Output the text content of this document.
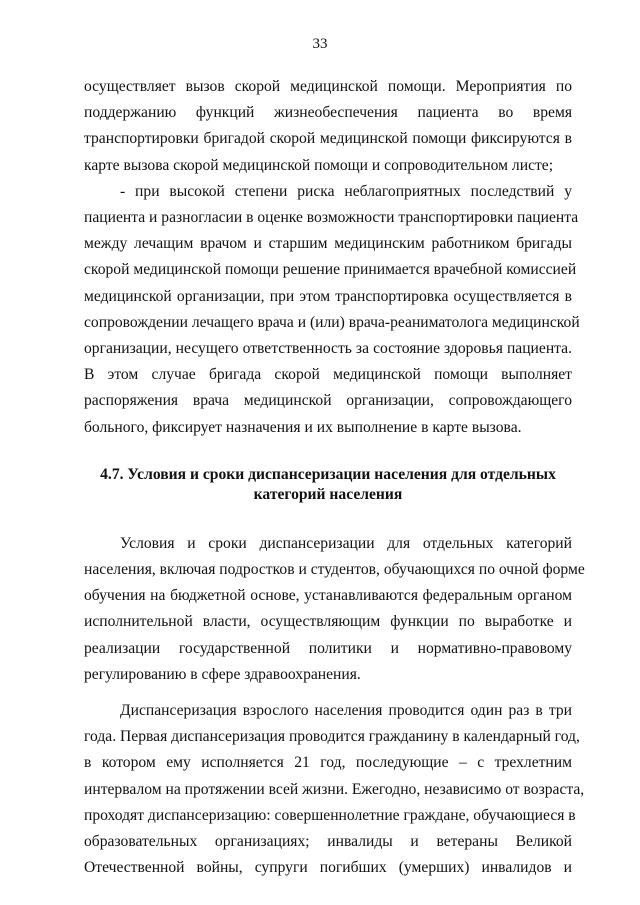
33
осуществляет вызов скорой медицинской помощи. Мероприятия по
поддержанию функций жизнеобеспечения пациента во время
транспортировки бригадой скорой медицинской помощи фиксируются в
карте вызова скорой медицинской помощи и сопроводительном листе;
- при высокой степени риска неблагоприятных последствий у
пациента и разногласии в оценке возможности транспортировки пациента
между лечащим врачом и старшим медицинским работником бригады
скорой медицинской помощи решение принимается врачебной комиссией
медицинской организации, при этом транспортировка осуществляется в
сопровождении лечащего врача и (или) врача-реаниматолога медицинской
организации, несущего ответственность за состояние здоровья пациента.
В этом случае бригада скорой медицинской помощи выполняет
распоряжения врача медицинской организации, сопровождающего
больного, фиксирует назначения и их выполнение в карте вызова.
4.7. Условия и сроки диспансеризации населения для отдельных
категорий населения
Условия и сроки диспансеризации для отдельных категорий
населения, включая подростков и студентов, обучающихся по очной форме
обучения на бюджетной основе, устанавливаются федеральным органом
исполнительной власти, осуществляющим функции по выработке и
реализации государственной политики и нормативно-правовому
регулированию в сфере здравоохранения.
Диспансеризация взрослого населения проводится один раз в три
года. Первая диспансеризация проводится гражданину в календарный год,
в котором ему исполняется 21 год, последующие – с трехлетним
интервалом на протяжении всей жизни. Ежегодно, независимо от возраста,
проходят диспансеризацию: совершеннолетние граждане, обучающиеся в
образовательных организациях; инвалиды и ветераны Великой
Отечественной войны, супруги погибших (умерших) инвалидов и
